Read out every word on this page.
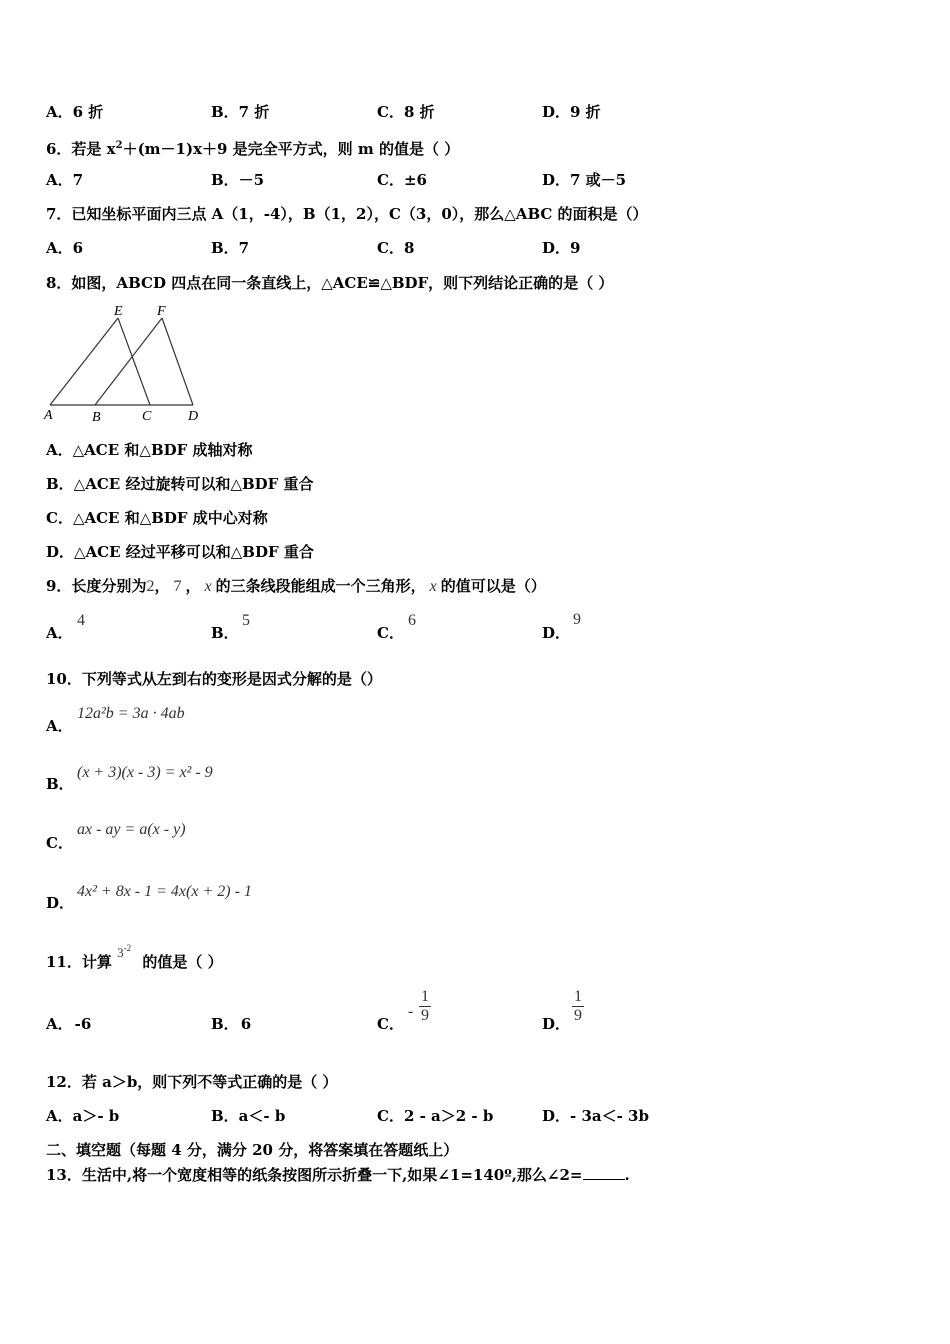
A．6 折	B．7 折	C．8 折	D．9 折
6．若是 $x^2+(m-1)x+9$ 是完全平方式，则 m 的值是（ ）
A．7	B．－5	C．±6	D．7 或－5
7．已知坐标平面内三点 A（1，-4），B（1，2），C（3，0），那么△ABC 的面积是（）
A．6	B．7	C．8	D．9
8．如图，ABCD 四点在同一条直线上，△ACE≌△BDF，则下列结论正确的是（ ）
E F
A	B	C	D
A．△ACE 和△BDF 成轴对称
B．△ACE 经过旋转可以和△BDF 重合
C．△ACE 和△BDF 成中心对称
D．△ACE 经过平移可以和△BDF 重合
9．长度分别为2， 7 ， x 的三条线段能组成一个三角形， x 的值可以是（）
A．
4
B．
5
C．
6
D．
9
10．下列等式从左到右的变形是因式分解的是（）
A．
12a²b = 3a · 4ab
B．
(x + 3)(x - 3) = x² - 9
C．
ax - ay = a(x - y)
D．
4x² + 8x - 1 = 4x(x + 2) - 1
11．计算 $3^{-2}$ 的值是（ ）
A． -6	B． 6	C．
- $\frac{1}{9}$	D． $\frac{1}{9}$
12．若 a＞b，则下列不等式正确的是（ ）
A．a＞- b	B．a＜- b	C．2 - a＞2 - b	D．- 3a＜- 3b
二、填空题（每题 4 分，满分 20 分，将答案填在答题纸上）
13．生活中,将一个宽度相等的纸条按图所示折叠一下,如果∠1=140º,那么∠2=	.
